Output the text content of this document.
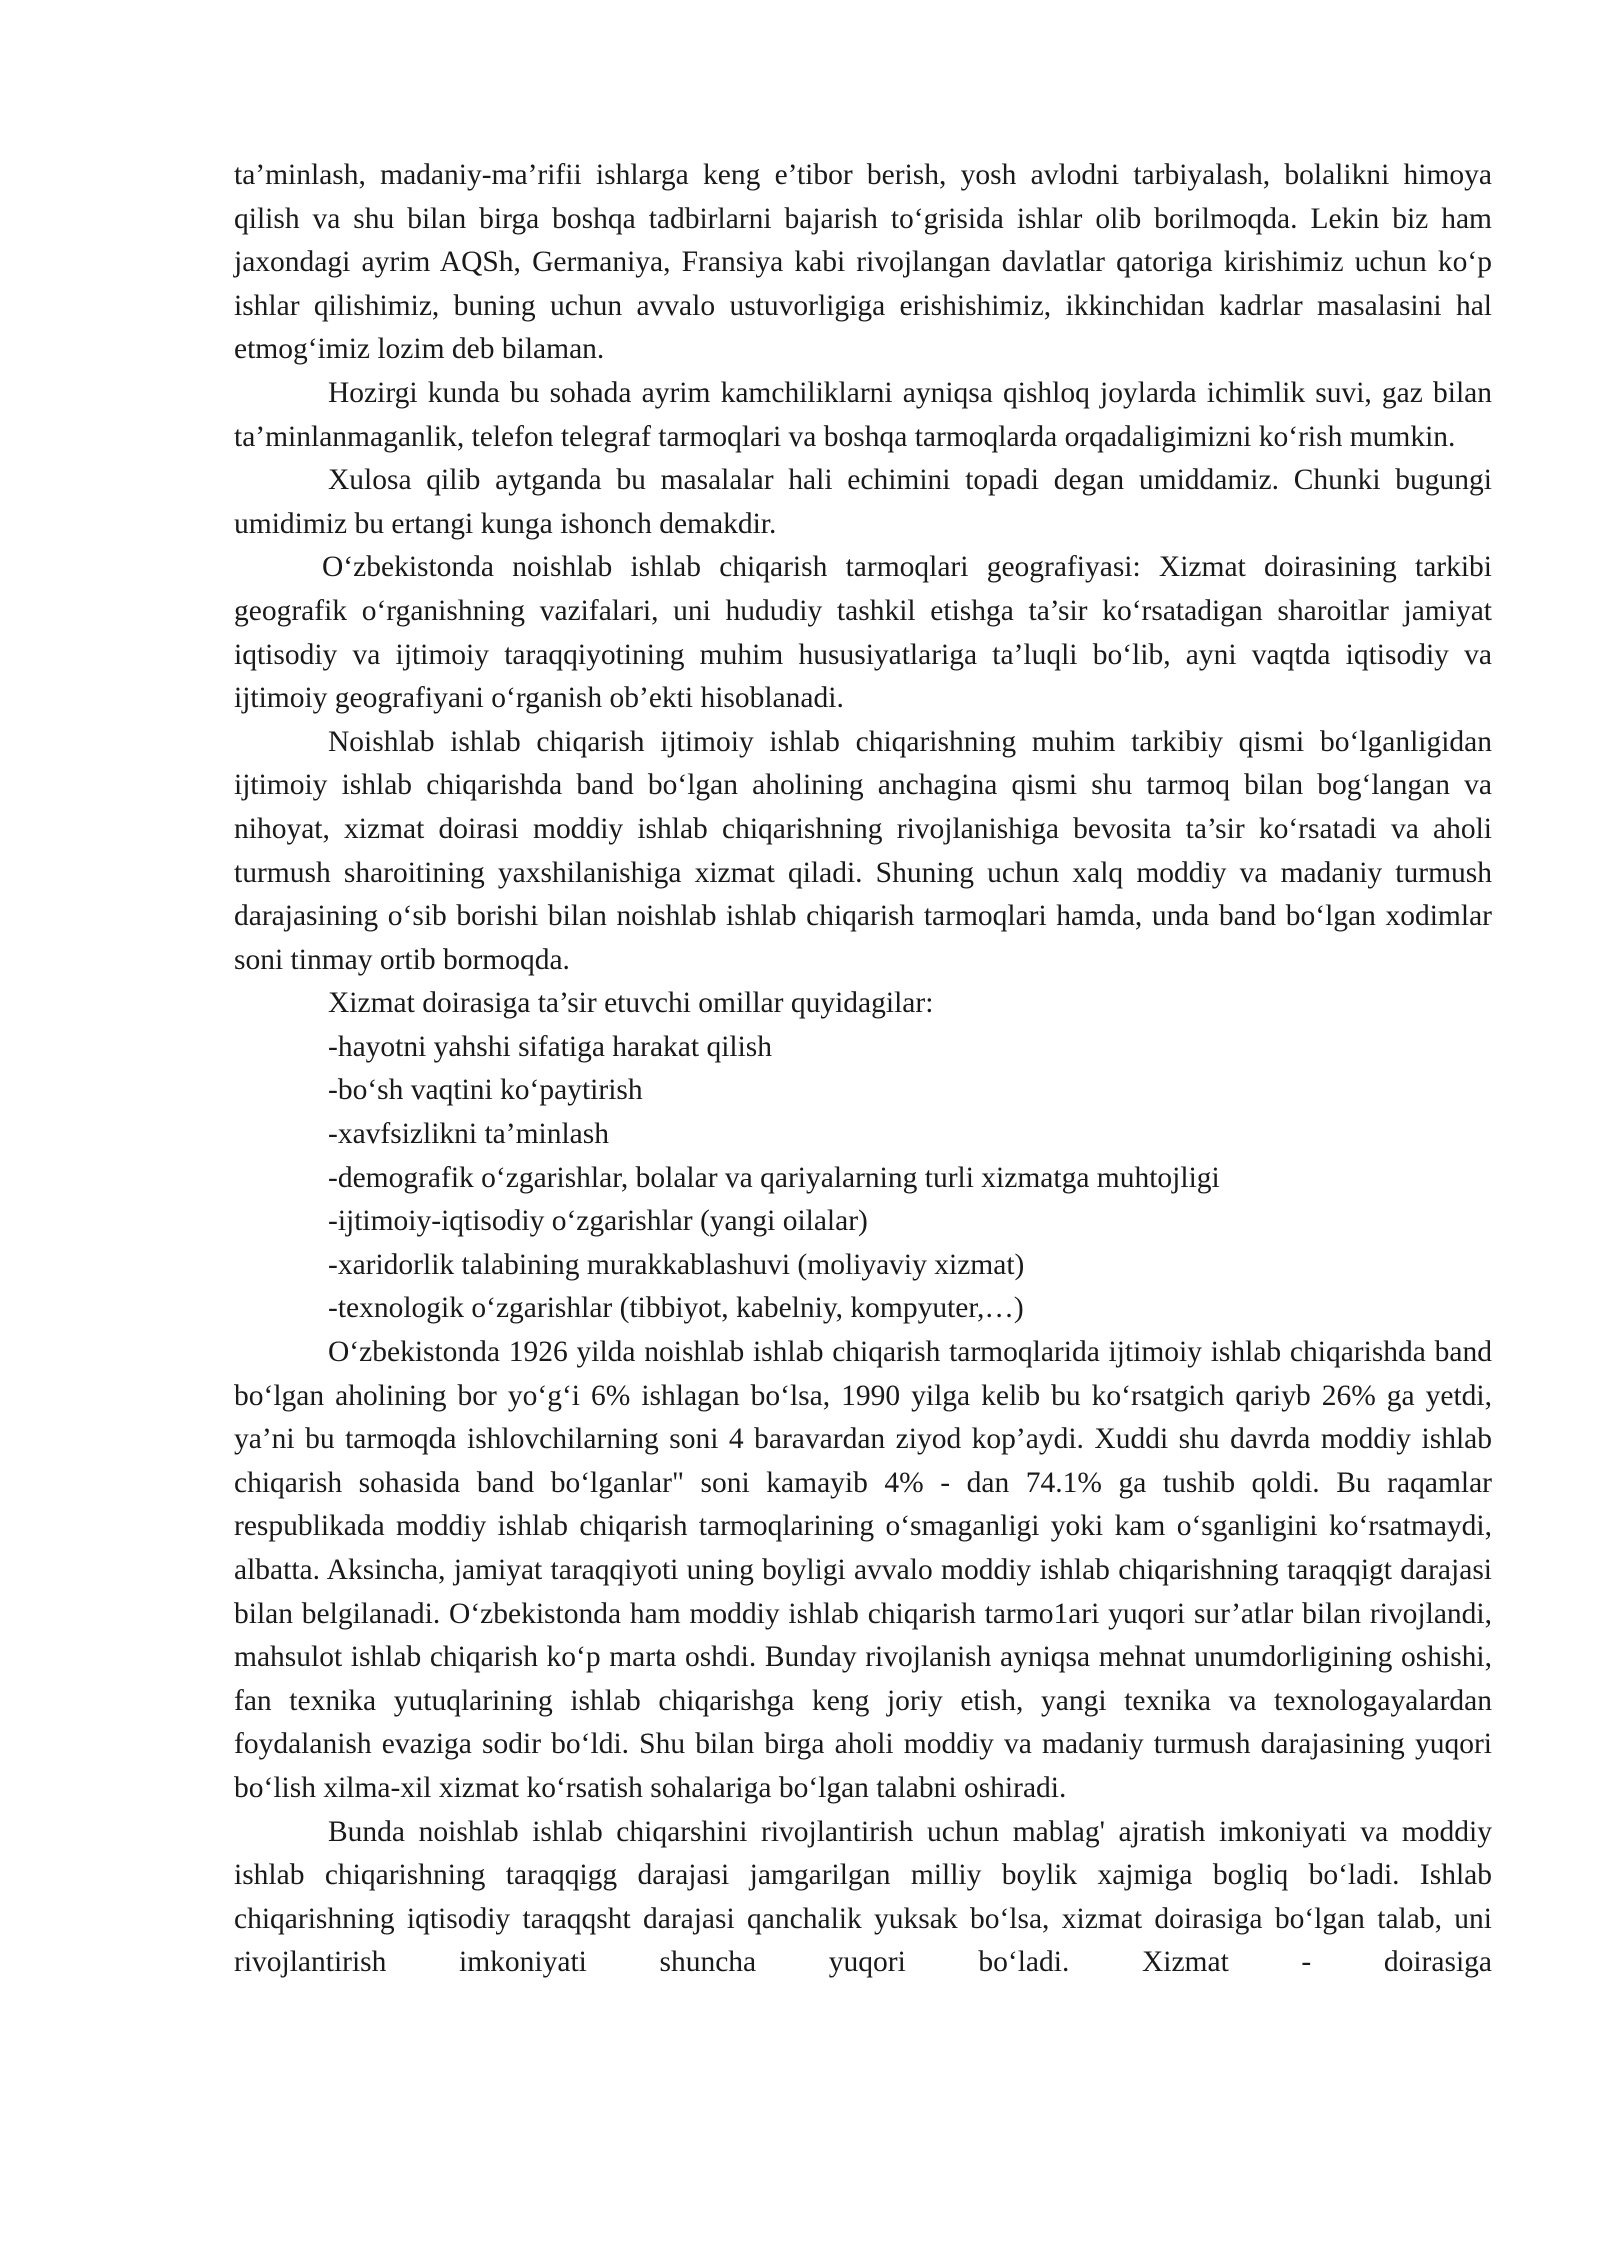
ta’minlash, madaniy-ma’rifii ishlarga keng e’tibor berish, yosh avlodni tarbiyalash, bolalikni himoya qilish va shu bilan birga boshqa tadbirlarni bajarish to‘grisida ishlar olib borilmoqda. Lekin biz ham jaxondagi ayrim AQSh, Germaniya, Fransiya kabi rivojlangan davlatlar qatoriga kirishimiz uchun ko‘p ishlar qilishimiz, buning uchun avvalo ustuvorligiga erishishimiz, ikkinchidan kadrlar masalasini hal etmog‘imiz lozim deb bilaman.

Hozirgi kunda bu sohada ayrim kamchiliklarni ayniqsa qishloq joylarda ichimlik suvi, gaz bilan ta’minlanmaganlik, telefon telegraf tarmoqlari va boshqa tarmoqlarda orqadaligimizni ko‘rish mumkin.

Xulosa qilib aytganda bu masalalar hali echimini topadi degan umiddamiz. Chunki bugungi umidimiz bu ertangi kunga ishonch demakdir.

O‘zbekistonda noishlab ishlab chiqarish tarmoqlari geografiyasi: Xizmat doirasining tarkibi geografik o‘rganishning vazifalari, uni hududiy tashkil etishga ta’sir ko‘rsatadigan sharoitlar jamiyat iqtisodiy va ijtimoiy taraqqiyotining muhim hususiyatlariga ta’luqli bo‘lib, ayni vaqtda iqtisodiy va ijtimoiy geografiyani o‘rganish ob’ekti hisoblanadi.

Noishlab ishlab chiqarish ijtimoiy ishlab chiqarishning muhim tarkibiy qismi bo‘lganligidan ijtimoiy ishlab chiqarishda band bo‘lgan aholining anchagina qismi shu tarmoq bilan bog‘langan va nihoyat, xizmat doirasi moddiy ishlab chiqarishning rivojlanishiga bevosita ta’sir ko‘rsatadi va aholi turmush sharoitining yaxshilanishiga xizmat qiladi. Shuning uchun xalq moddiy va madaniy turmush darajasining o‘sib borishi bilan noishlab ishlab chiqarish tarmoqlari hamda, unda band bo‘lgan xodimlar soni tinmay ortib bormoqda.

Xizmat doirasiga ta’sir etuvchi omillar quyidagilar:

-hayotni yahshi sifatiga harakat qilish
-bo‘sh vaqtini ko‘paytirish
-xavfsizlikni ta’minlash
-demografik o‘zgarishlar, bolalar va qariyalarning turli xizmatga muhtojligi
-ijtimoiy-iqtisodiy o‘zgarishlar (yangi oilalar)
-xaridorlik talabining murakkablashuvi (moliyaviy xizmat)
-texnologik o‘zgarishlar (tibbiyot, kabelniy, kompyuter,…)

O‘zbekistonda 1926 yilda noishlab ishlab chiqarish tarmoqlarida ijtimoiy ishlab chiqarishda band bo‘lgan aholining bor yo‘g‘i 6% ishlagan bo‘lsa, 1990 yilga kelib bu ko‘rsatgich qariyb 26% ga yetdi, ya’ni bu tarmoqda ishlovchilarning soni 4 baravardan ziyod kop’aydi. Xuddi shu davrda moddiy ishlab chiqarish sohasida band bo‘lganlar" soni kamayib 4% - dan 74.1% ga tushib qoldi. Bu raqamlar respublikada moddiy ishlab chiqarish tarmoqlarining o‘smaganligi yoki kam o‘sganligini ko‘rsatmaydi, albatta. Aksincha, jamiyat taraqqiyoti uning boyligi avvalo moddiy ishlab chiqarishning taraqqigt darajasi bilan belgilanadi. O‘zbekistonda ham moddiy ishlab chiqarish tarmo1ari yuqori sur’atlar bilan rivojlandi, mahsulot ishlab chiqarish ko‘p marta oshdi. Bunday rivojlanish ayniqsa mehnat unumdorligining oshishi, fan texnika yutuqlarining ishlab chiqarishga keng joriy etish, yangi texnika va texnologayalardan foydalanish evaziga sodir bo‘ldi. Shu bilan birga aholi moddiy va madaniy turmush darajasining yuqori bo‘lish xilma-xil xizmat ko‘rsatish sohalariga bo‘lgan talabni oshiradi.

Bunda noishlab ishlab chiqarshini rivojlantirish uchun mablag' ajratish imkoniyati va moddiy ishlab chiqarishning taraqqigg darajasi jamgarilgan milliy boylik xajmiga bogliq bo‘ladi. Ishlab chiqarishning iqtisodiy taraqqsht darajasi qanchalik yuksak bo‘lsa, xizmat doirasiga bo‘lgan talab, uni rivojlantirish imkoniyati shuncha yuqori bo‘ladi. Xizmat - doirasiga
